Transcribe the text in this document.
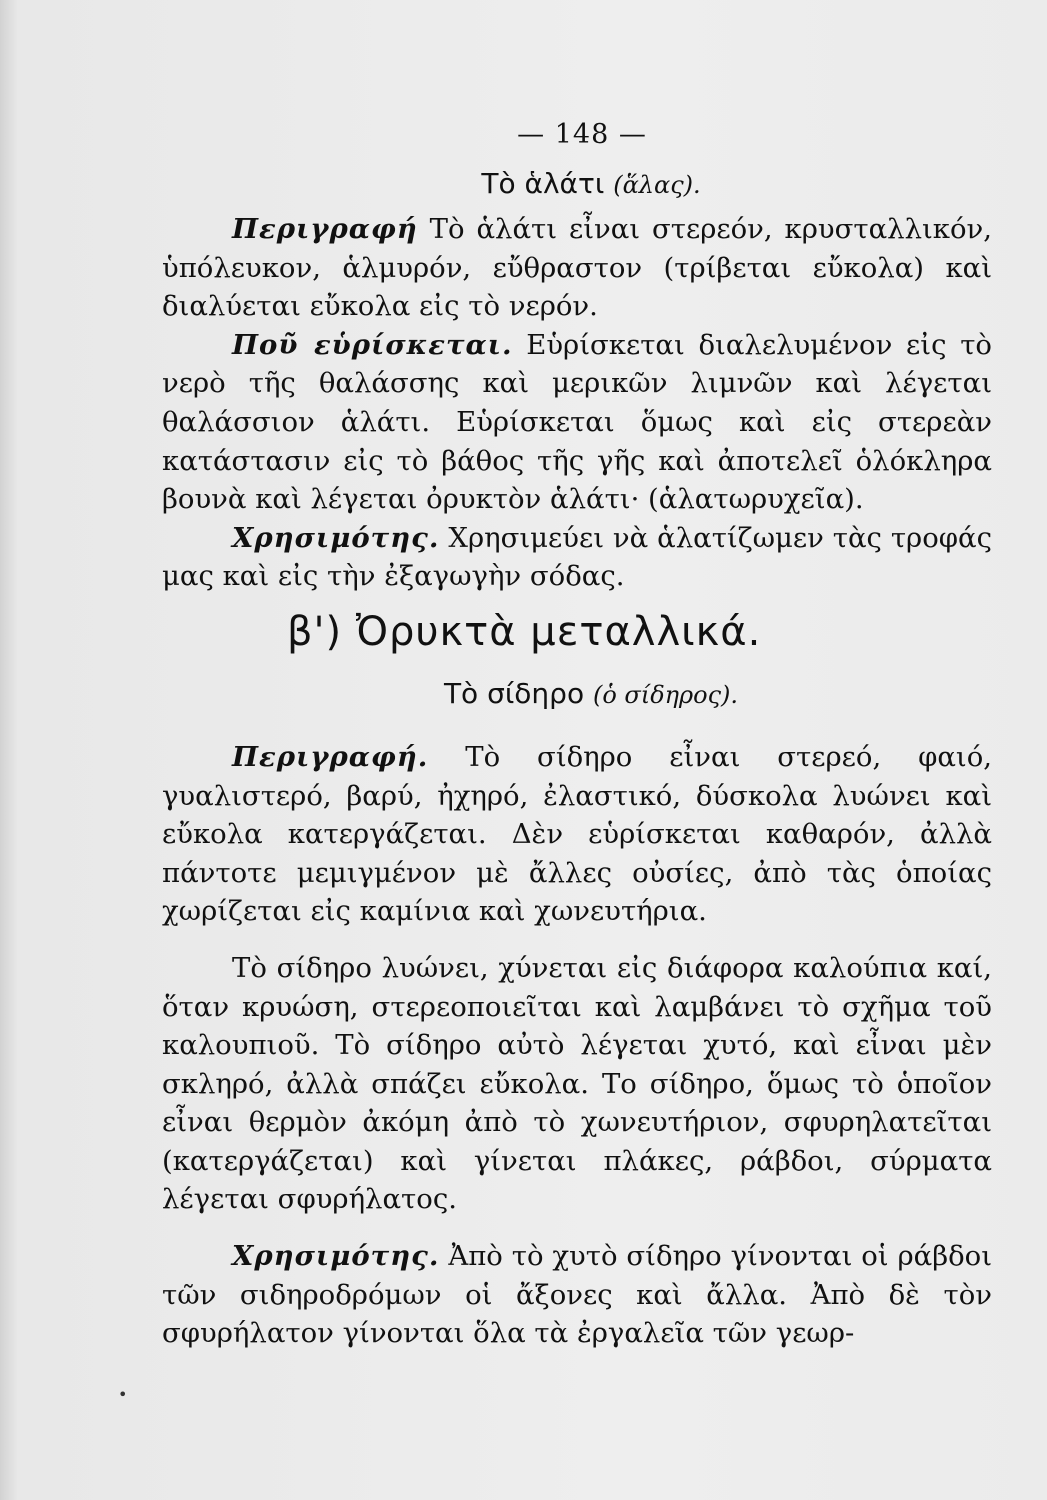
— 148 —
Τὸ ἁλάτι (ἅλας).

Περιγραφή Τὸ ἁλάτι εἶναι στερεόν, κρυσταλλικόν, ὑπόλευκον, ἁλμυρόν, εὔθραστον (τρίβεται εὔκολα) καὶ διαλύεται εὔκολα εἰς τὸ νερόν.

Ποῦ εὑρίσκεται. Εὑρίσκεται διαλελυμένον εἰς τὸ νερὸ τῆς θαλάσσης καὶ μερικῶν λιμνῶν καὶ λέγεται θαλάσσιον ἁλάτι. Εὑρίσκεται ὅμως καὶ εἰς στερεὰν κατάστασιν εἰς τὸ βάθος τῆς γῆς καὶ ἀποτελεῖ ὁλόκληρα βουνὰ καὶ λέγεται ὀρυκτὸν ἁλάτι· (ἁλατωρυχεῖα).

Χρησιμότης. Χρησιμεύει νὰ ἁλατίζωμεν τὰς τροφάς μας καὶ εἰς τὴν ἐξαγωγὴν σόδας.

β') Ὀρυκτὰ μεταλλικά.
Τὸ σίδηρο (ὁ σίδηρος).

Περιγραφή. Τὸ σίδηρο εἶναι στερεό, φαιό, γυαλιστερό, βαρύ, ἠχηρό, ἐλαστικό, δύσκολα λυώνει καὶ εὔκολα κατεργάζεται. Δὲν εὑρίσκεται καθαρόν, ἀλλὰ πάντοτε μεμιγμένον μὲ ἄλλες οὐσίες, ἀπὸ τὰς ὁποίας χωρίζεται εἰς καμίνια καὶ χωνευτήρια.

Τὸ σίδηρο λυώνει, χύνεται εἰς διάφορα καλούπια καί, ὅταν κρυώση, στερεοποιεῖται καὶ λαμβάνει τὸ σχῆμα τοῦ καλουπιοῦ. Τὸ σίδηρο αὐτὸ λέγεται χυτό, καὶ εἶναι μὲν σκληρό, ἀλλὰ σπάζει εὔκολα. Το σίδηρο, ὅμως τὸ ὁποῖον εἶναι θερμὸν ἀκόμη ἀπὸ τὸ χωνευτήριον, σφυρηλατεῖται (κατεργάζεται) καὶ γίνεται πλάκες, ράβδοι, σύρματα λέγεται σφυρήλατος.

Χρησιμότης. Ἀπὸ τὸ χυτὸ σίδηρο γίνονται οἱ ράβδοι τῶν σιδηροδρόμων οἱ ἄξονες καὶ ἄλλα. Ἀπὸ δὲ τὸν σφυρήλατον γίνονται ὅλα τὰ ἐργαλεῖα τῶν γεωρ-

•
